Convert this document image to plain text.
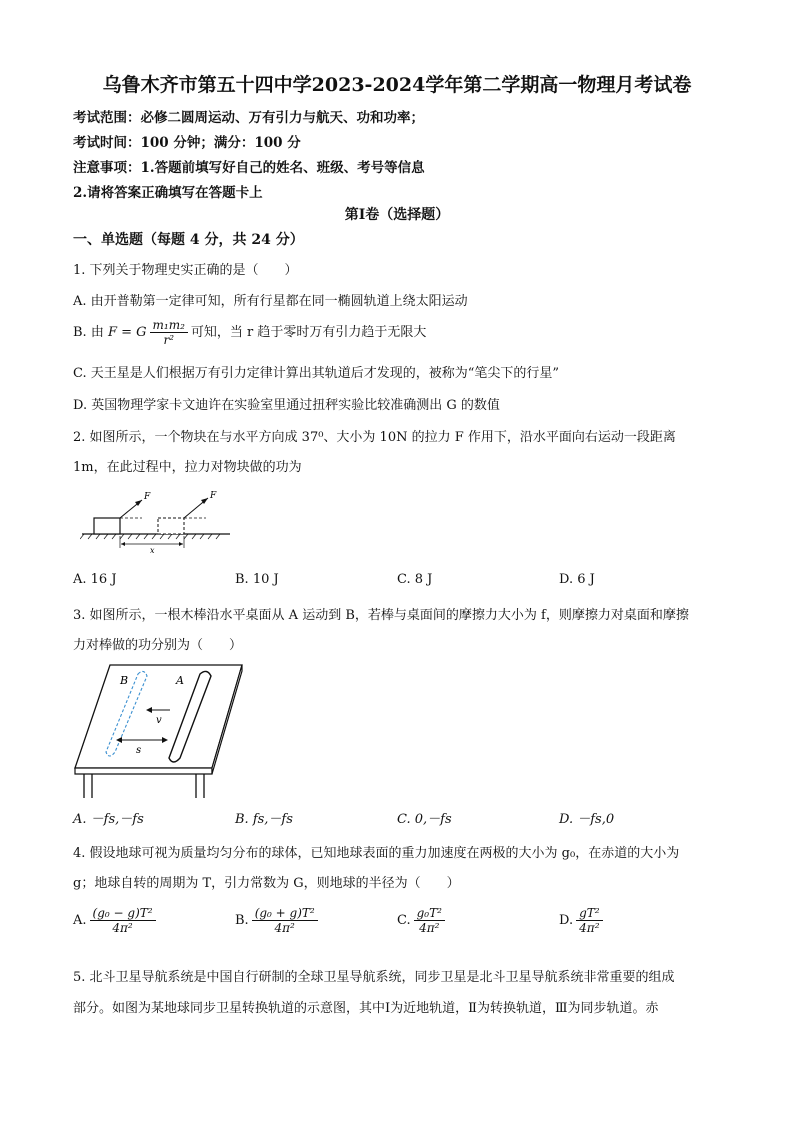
乌鲁木齐市第五十四中学2023-2024学年第二学期高一物理月考试卷
考试范围：必修二圆周运动、万有引力与航天、功和功率；
考试时间：100 分钟；满分：100 分
注意事项：1.答题前填写好自己的姓名、班级、考号等信息
2.请将答案正确填写在答题卡上
第Ⅰ卷（选择题）
一、单选题（每题 4 分，共 24 分）
1. 下列关于物理史实正确的是（　　）
A. 由开普勒第一定律可知，所有行星都在同一椭圆轨道上绕太阳运动
B. 由 F = G $\frac{\text{m₁m₂}}{\text{r²}}$ 可知，当 r 趋于零时万有引力趋于无限大
C. 天王星是人们根据万有引力定律计算出其轨道后才发现的，被称为“笔尖下的行星”
D. 英国物理学家卡文迪许在实验室里通过扭秤实验比较准确测出 G 的数值
2. 如图所示，一个物块在与水平方向成 37⁰、大小为 10N 的拉力 F 作用下，沿水平面向右运动一段距离
1m，在此过程中，拉力对物块做的功为
F	F
x
A. 16 J	B. 10 J	C. 8 J	D. 6 J
3. 如图所示，一根木棒沿水平桌面从 A 运动到 B，若棒与桌面间的摩擦力大小为 f，则摩擦力对桌面和摩擦
力对棒做的功分别为（　　）
B	A
v
s
A. －fs,－fs	B. fs,－fs	C. 0,－fs	D. －fs,0
4. 假设地球可视为质量均匀分布的球体，已知地球表面的重力加速度在两极的大小为 g₀，在赤道的大小为
g；地球自转的周期为 T，引力常数为 G，则地球的半径为（　　）
A. $\frac{\text{(g₀ − g)T²}}{\text{4π²}}$	B. $\frac{\text{(g₀ + g)T²}}{\text{4π²}}$	C. $\frac{\text{g₀T²}}{\text{4π²}}$	D. $\frac{\text{gT²}}{\text{4π²}}$
5. 北斗卫星导航系统是中国自行研制的全球卫星导航系统，同步卫星是北斗卫星导航系统非常重要的组成
部分。如图为某地球同步卫星转换轨道的示意图，其中Ⅰ为近地轨道，Ⅱ为转换轨道，Ⅲ为同步轨道。赤
